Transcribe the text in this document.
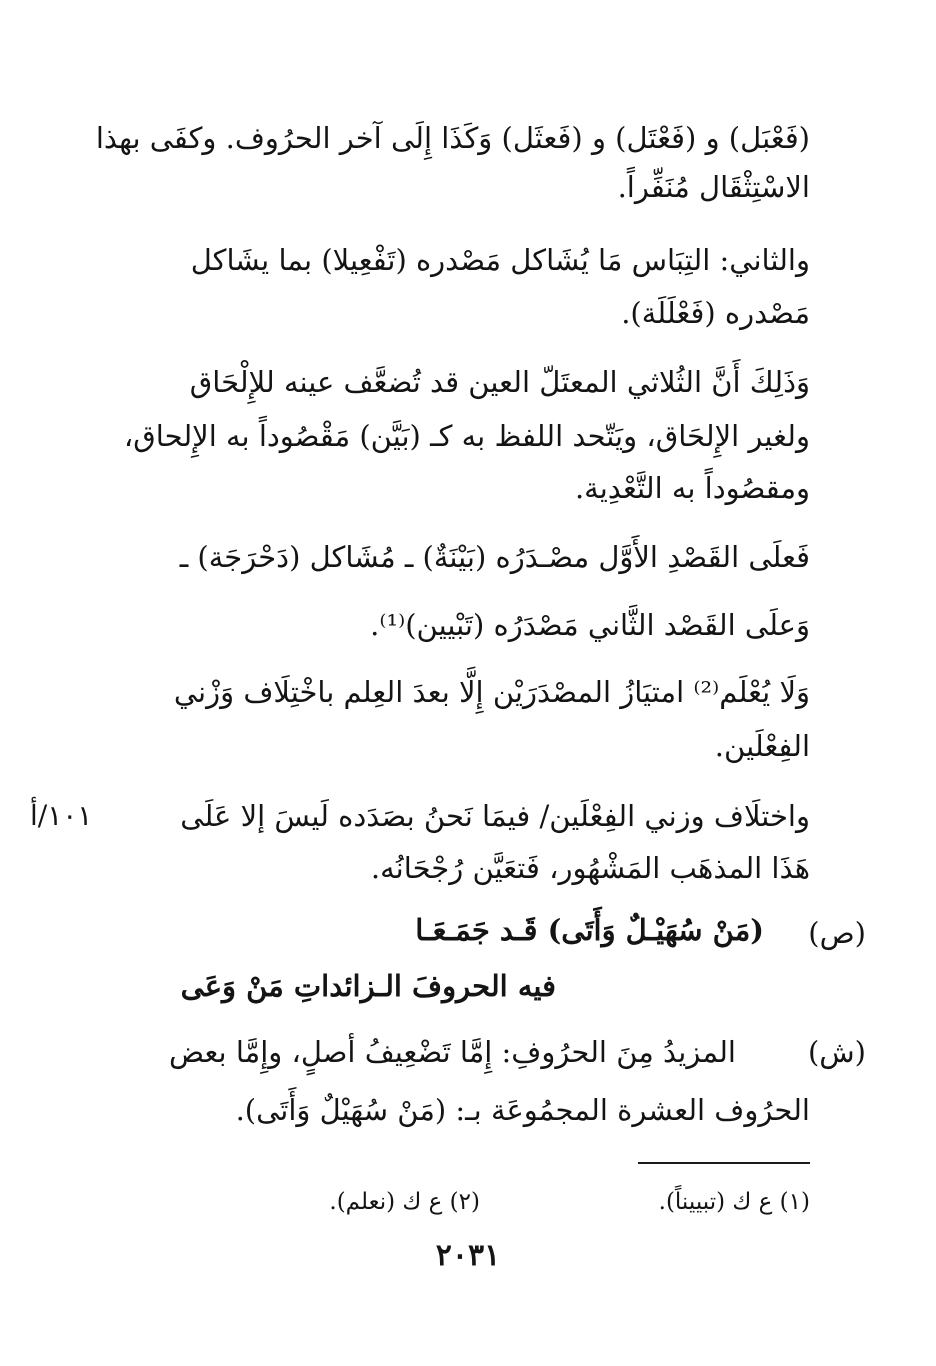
(فَعْبَل) و (فَعْتَل) و (فَعثَل) وَكَذَا إِلَى آخر الحرُوف. وكفَى بهذا
الاسْتِثْقَال مُنَفِّراً.
والثاني: التِبَاس مَا يُشَاكل مَصْدره (تَفْعِيلا) بما يشَاكل
مَصْدره (فَعْلَلَة).
وَذَلِكَ أَنَّ الثُلاثي المعتَلّ العين قد تُضعَّف عينه للإِلْحَاق
ولغير الإِلحَاق، ويَتّحد اللفظ به كـ (بَيَّن) مَقْصُوداً به الإِلحاق،
ومقصُوداً به التَّعْدِية.
فَعلَى القَصْدِ الأَوَّل مصْـدَرُه (بَيْنَةٌ) ـ مُشَاكل (دَحْرَجَة) ـ
وَعلَى القَصْد الثَّاني مَصْدَرُه (تَبْيين)⁽¹⁾.
وَلَا يُعْلَم⁽²⁾ امتيَازُ المصْدَرَيْن إِلَّا بعدَ العِلم باخْتِلَاف وَزْني
الفِعْلَين.
واختلَاف وزني الفِعْلَين/ فيمَا نَحنُ بصَدَده لَيسَ إلا عَلَى
١٠١/أ
هَذَا المذهَب المَشْهُور، فَتعَيَّن رُجْحَانُه.
(ص)
(مَنْ سُهَيْـلٌ وَأَتَى) قَـد جَمَـعَـا
فيه الحروفَ الـزائداتِ مَنْ وَعَى
(ش)
المزيدُ مِنَ الحرُوفِ: إِمَّا تَضْعِيفُ أصلٍ، وإِمَّا بعض
الحرُوف العشرة المجمُوعَة بـ: (مَنْ سُهَيْلٌ وَأَتَى).
(١) ع ك (تبييناً).
(٢) ع ك (نعلم).
٢٠٣١
